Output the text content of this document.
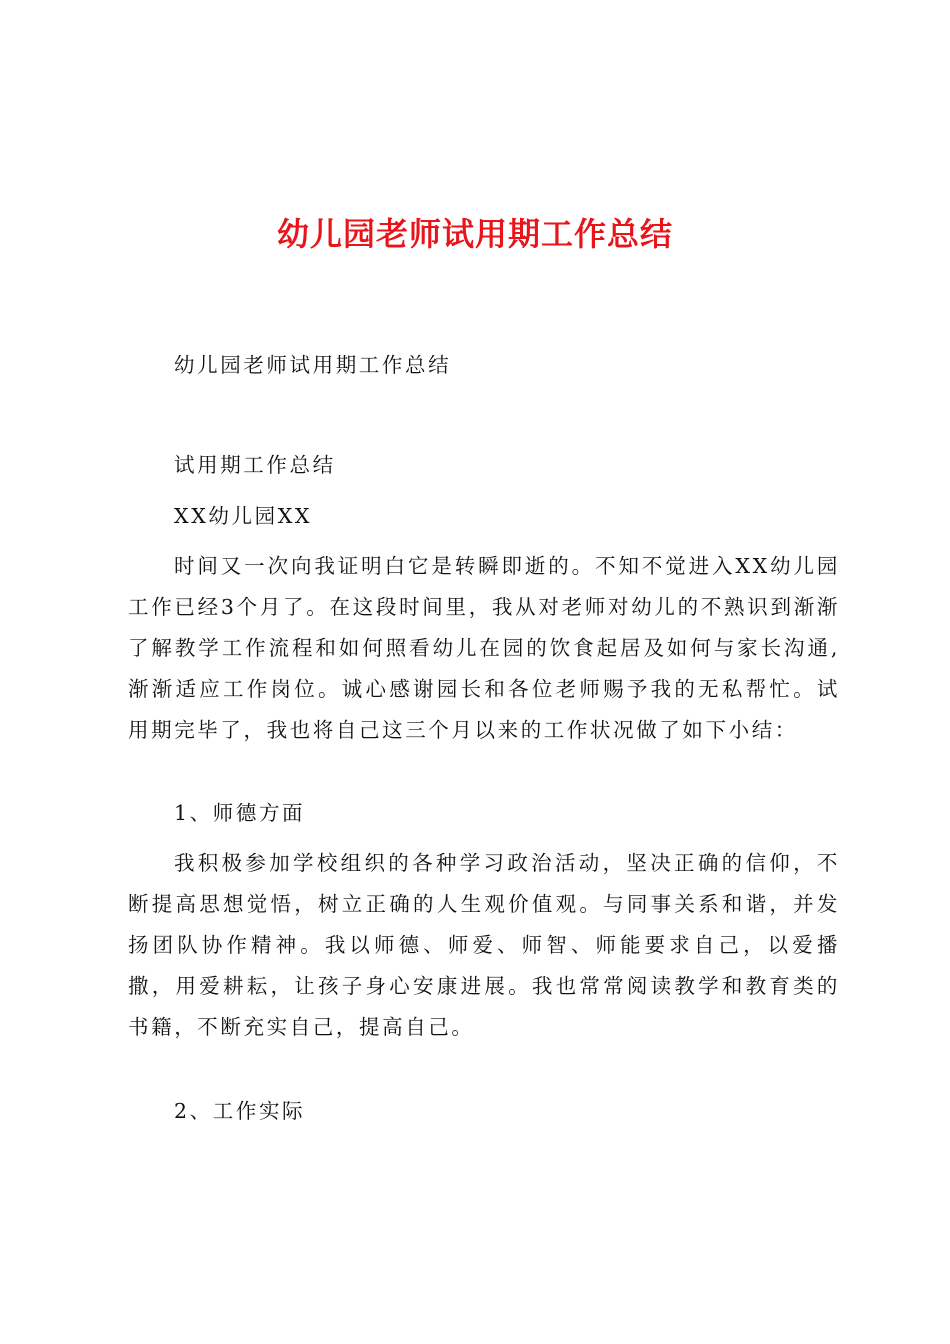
幼儿园老师试用期工作总结
幼儿园老师试用期工作总结
试用期工作总结
XX幼儿园XX

时间又一次向我证明白它是转瞬即逝的。不知不觉进入XX幼儿园工作已经3个月了。在这段时间里，我从对老师对幼儿的不熟识到渐渐了解教学工作流程和如何照看幼儿在园的饮食起居及如何与家长沟通,渐渐适应工作岗位。诚心感谢园长和各位老师赐予我的无私帮忙。试用期完毕了，我也将自己这三个月以来的工作状况做了如下小结：

1、师德方面

我积极参加学校组织的各种学习政治活动，坚决正确的信仰，不断提高思想觉悟，树立正确的人生观价值观。与同事关系和谐，并发扬团队协作精神。我以师德、师爱、师智、师能要求自己，以爱播撒，用爱耕耘，让孩子身心安康进展。我也常常阅读教学和教育类的书籍，不断充实自己，提高自己。

2、工作实际
